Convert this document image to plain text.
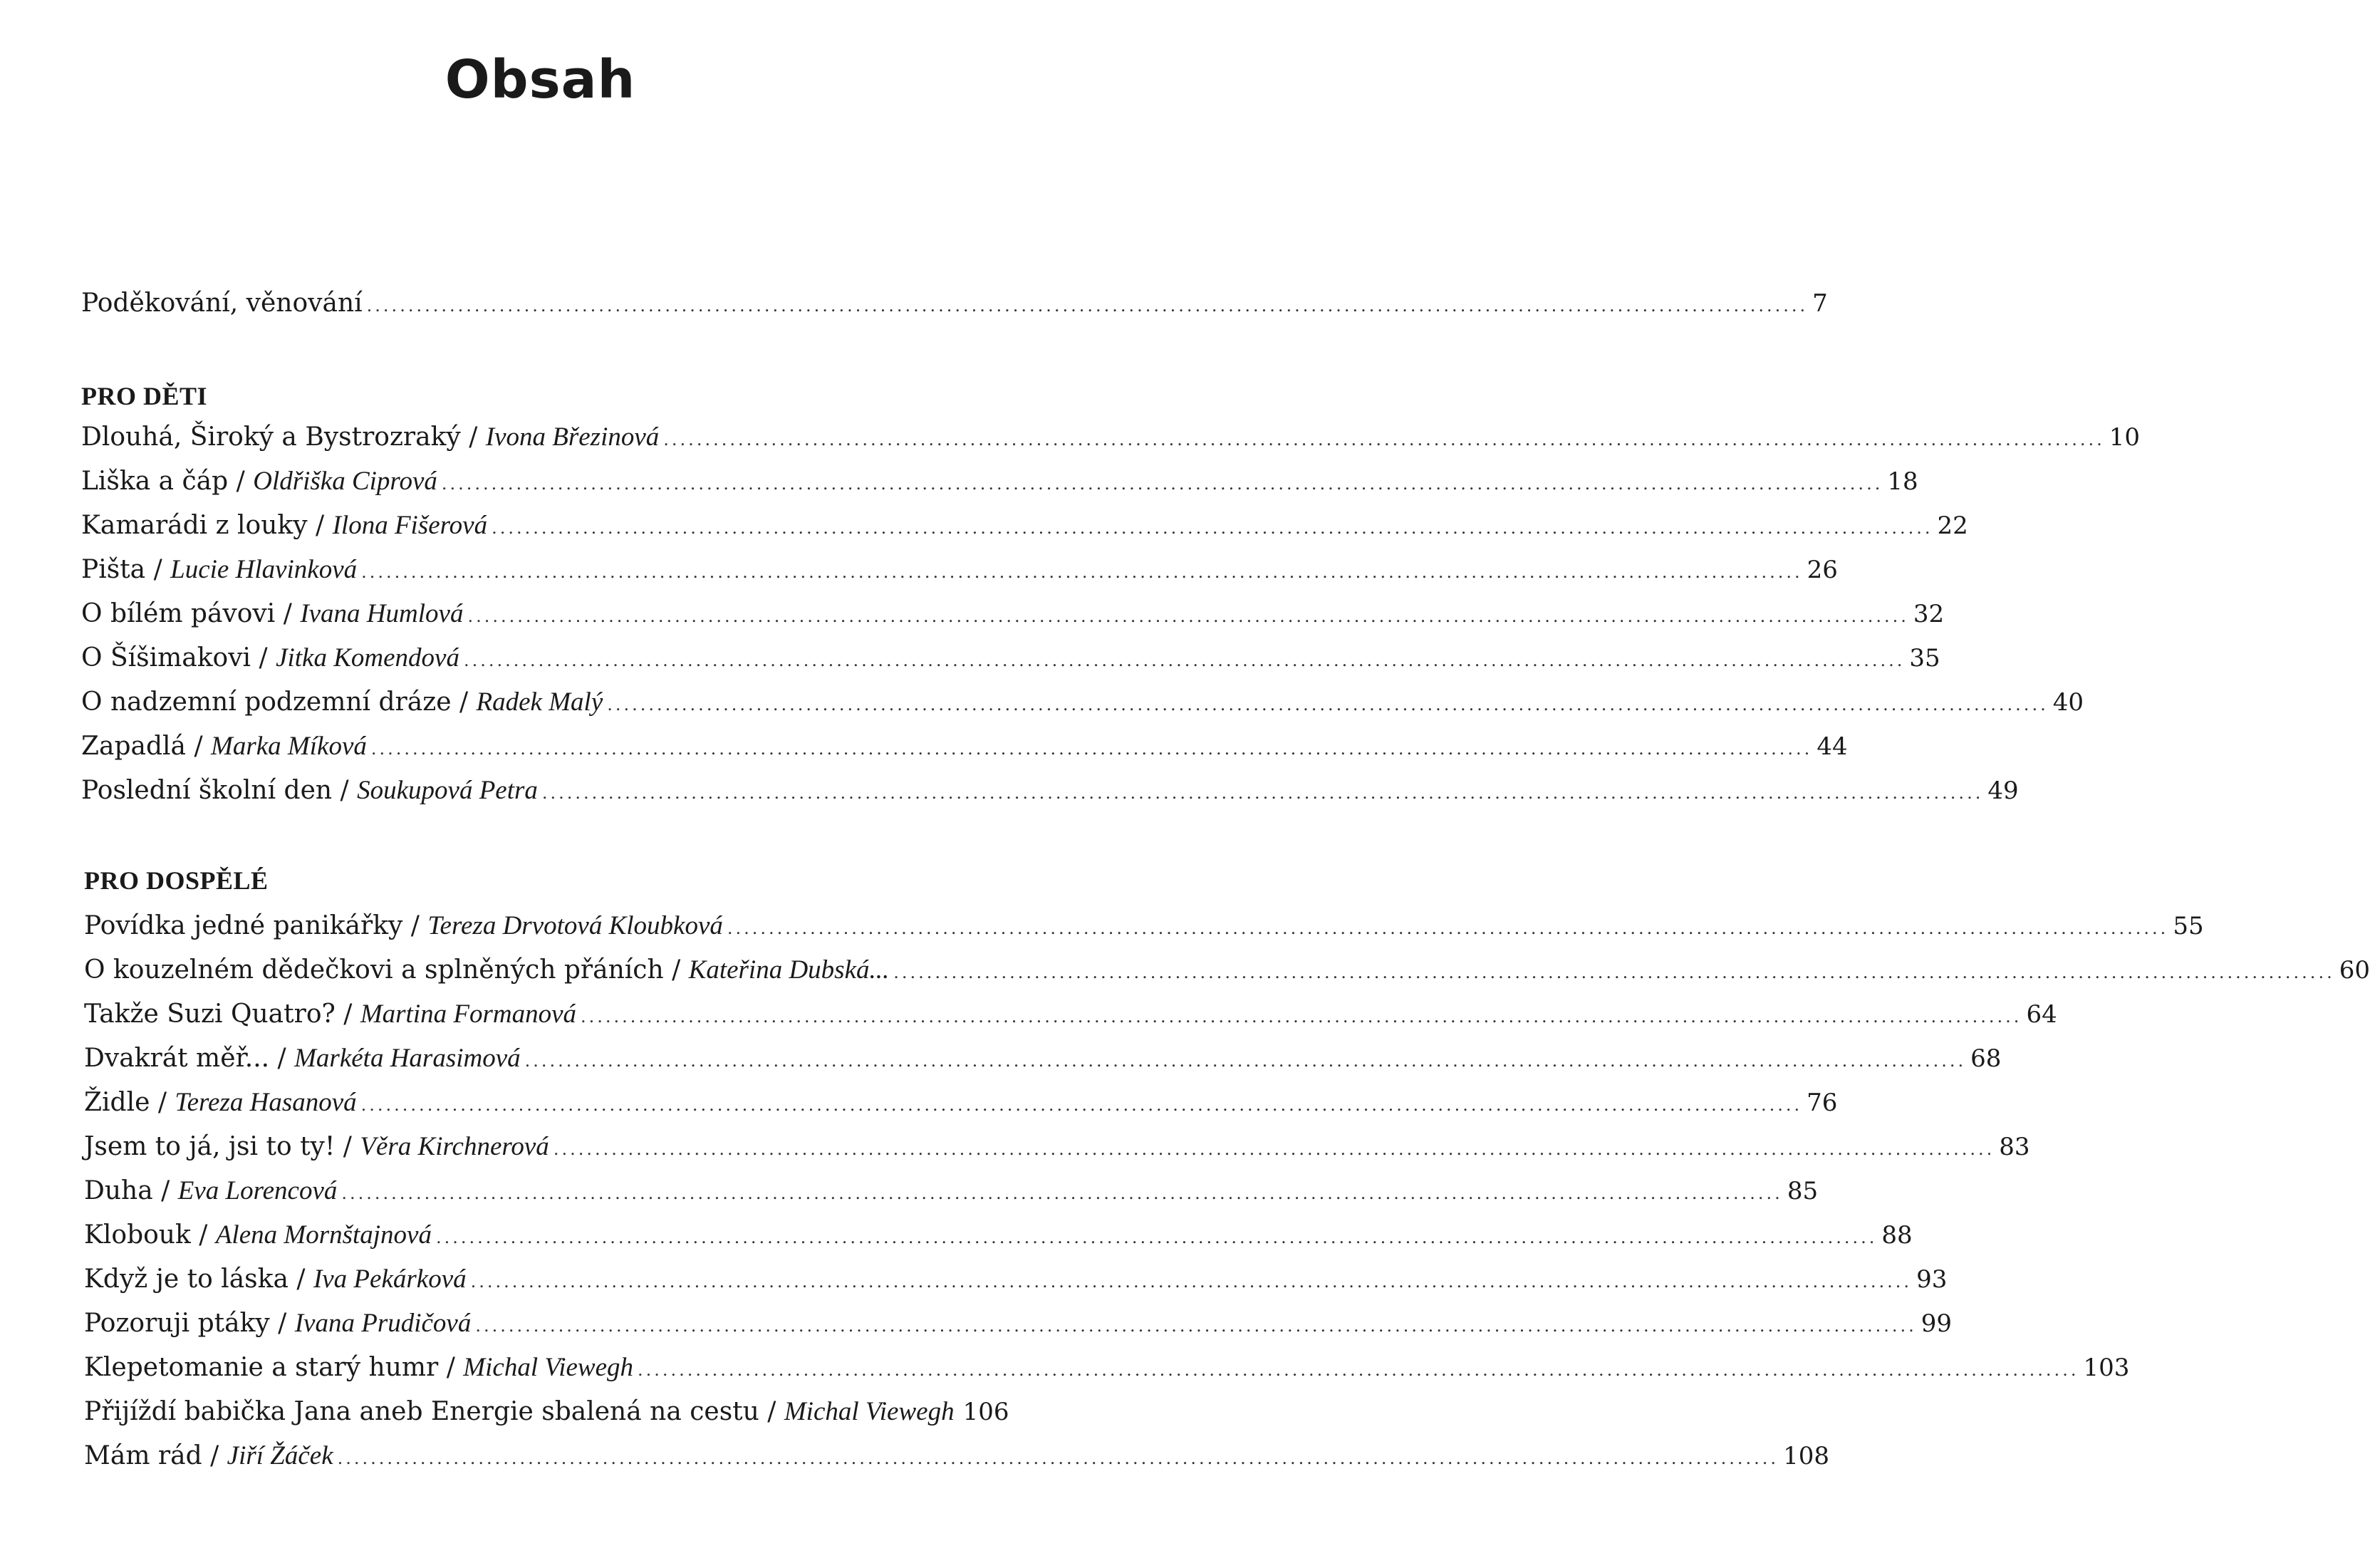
Obsah
Poděkování, věnování .............................................................................................................................................................................. 7
PRO DĚTI
Dlouhá, Široký a Bystrozraký / Ivona Březinová .............................................................................................................................................................................. 10
Liška a čáp / Oldřiška Ciprová .............................................................................................................................................................................. 18
Kamarádi z louky / Ilona Fišerová .............................................................................................................................................................................. 22
Pišta / Lucie Hlavinková .............................................................................................................................................................................. 26
O bílém pávovi / Ivana Humlová .............................................................................................................................................................................. 32
O Šíšimakovi / Jitka Komendová .............................................................................................................................................................................. 35
O nadzemní podzemní dráze / Radek Malý .............................................................................................................................................................................. 40
Zapadlá / Marka Míková .............................................................................................................................................................................. 44
Poslední školní den / Soukupová Petra .............................................................................................................................................................................. 49
PRO DOSPĚLÉ
Povídka jedné panikářky / Tereza Drvotová Kloubková .............................................................................................................................................................................. 55
O kouzelném dědečkovi a splněných přáních / Kateřina Dubská... .............................................................................................................................................................................. 60
Takže Suzi Quatro? / Martina Formanová .............................................................................................................................................................................. 64
Dvakrát měř... / Markéta Harasimová .............................................................................................................................................................................. 68
Židle / Tereza Hasanová .............................................................................................................................................................................. 76
Jsem to já, jsi to ty! / Věra Kirchnerová .............................................................................................................................................................................. 83
Duha / Eva Lorencová .............................................................................................................................................................................. 85
Klobouk / Alena Mornštajnová .............................................................................................................................................................................. 88
Když je to láska / Iva Pekárková .............................................................................................................................................................................. 93
Pozoruji ptáky / Ivana Prudičová .............................................................................................................................................................................. 99
Klepetomanie a starý humr / Michal Viewegh .............................................................................................................................................................................. 103
Přijíždí babička Jana aneb Energie sbalená na cestu / Michal Viewegh 106
Mám rád / Jiří Žáček .............................................................................................................................................................................. 108
